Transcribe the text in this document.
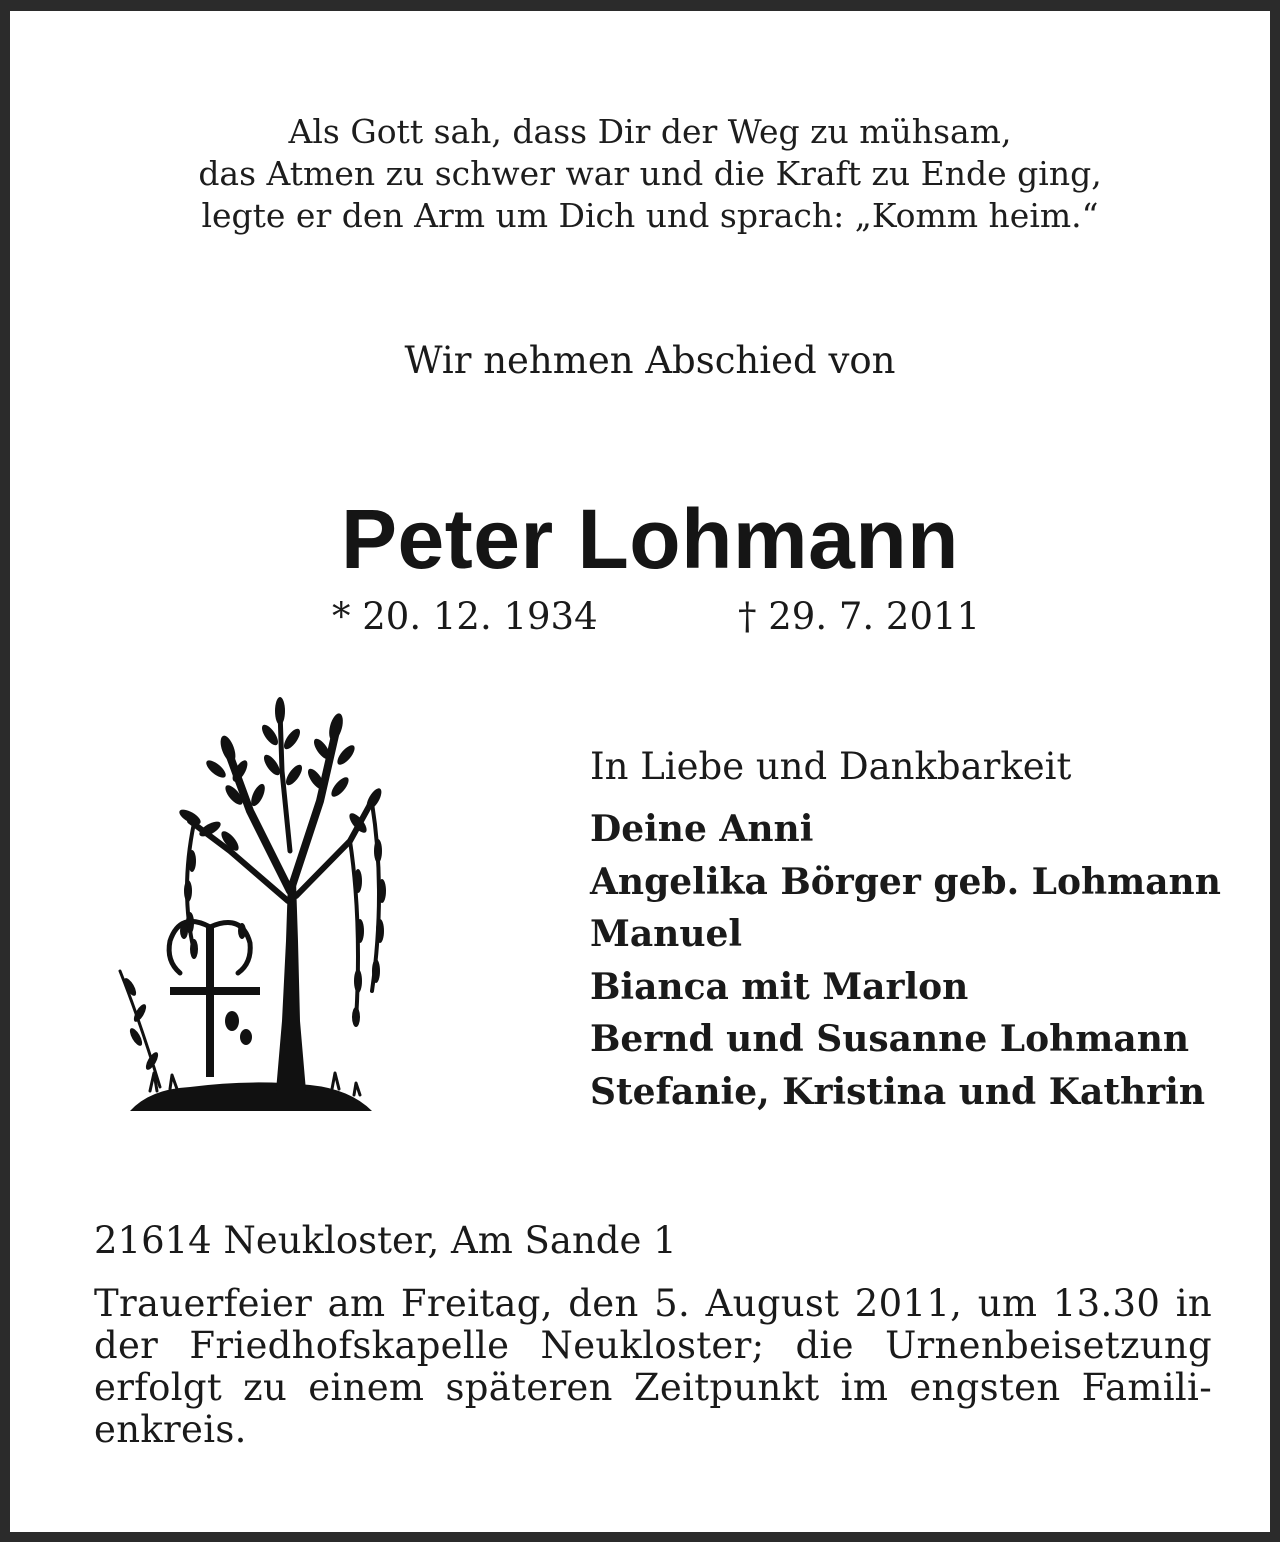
Als Gott sah, dass Dir der Weg zu mühsam,
das Atmen zu schwer war und die Kraft zu Ende ging,
legte er den Arm um Dich und sprach: „Komm heim.“
Wir nehmen Abschied von
Peter Lohmann
* 20. 12. 1934	† 29. 7. 2011
In Liebe und Dankbarkeit
Deine Anni
Angelika Börger geb. Lohmann
Manuel
Bianca mit Marlon
Bernd und Susanne Lohmann
Stefanie, Kristina und Kathrin
21614 Neukloster, Am Sande 1
Trauerfeier am Freitag, den 5. August 2011, um 13.30 in der Friedhofskapelle Neukloster; die Urnenbeisetzung erfolgt zu einem späteren Zeitpunkt im engsten Famili-enkreis.
